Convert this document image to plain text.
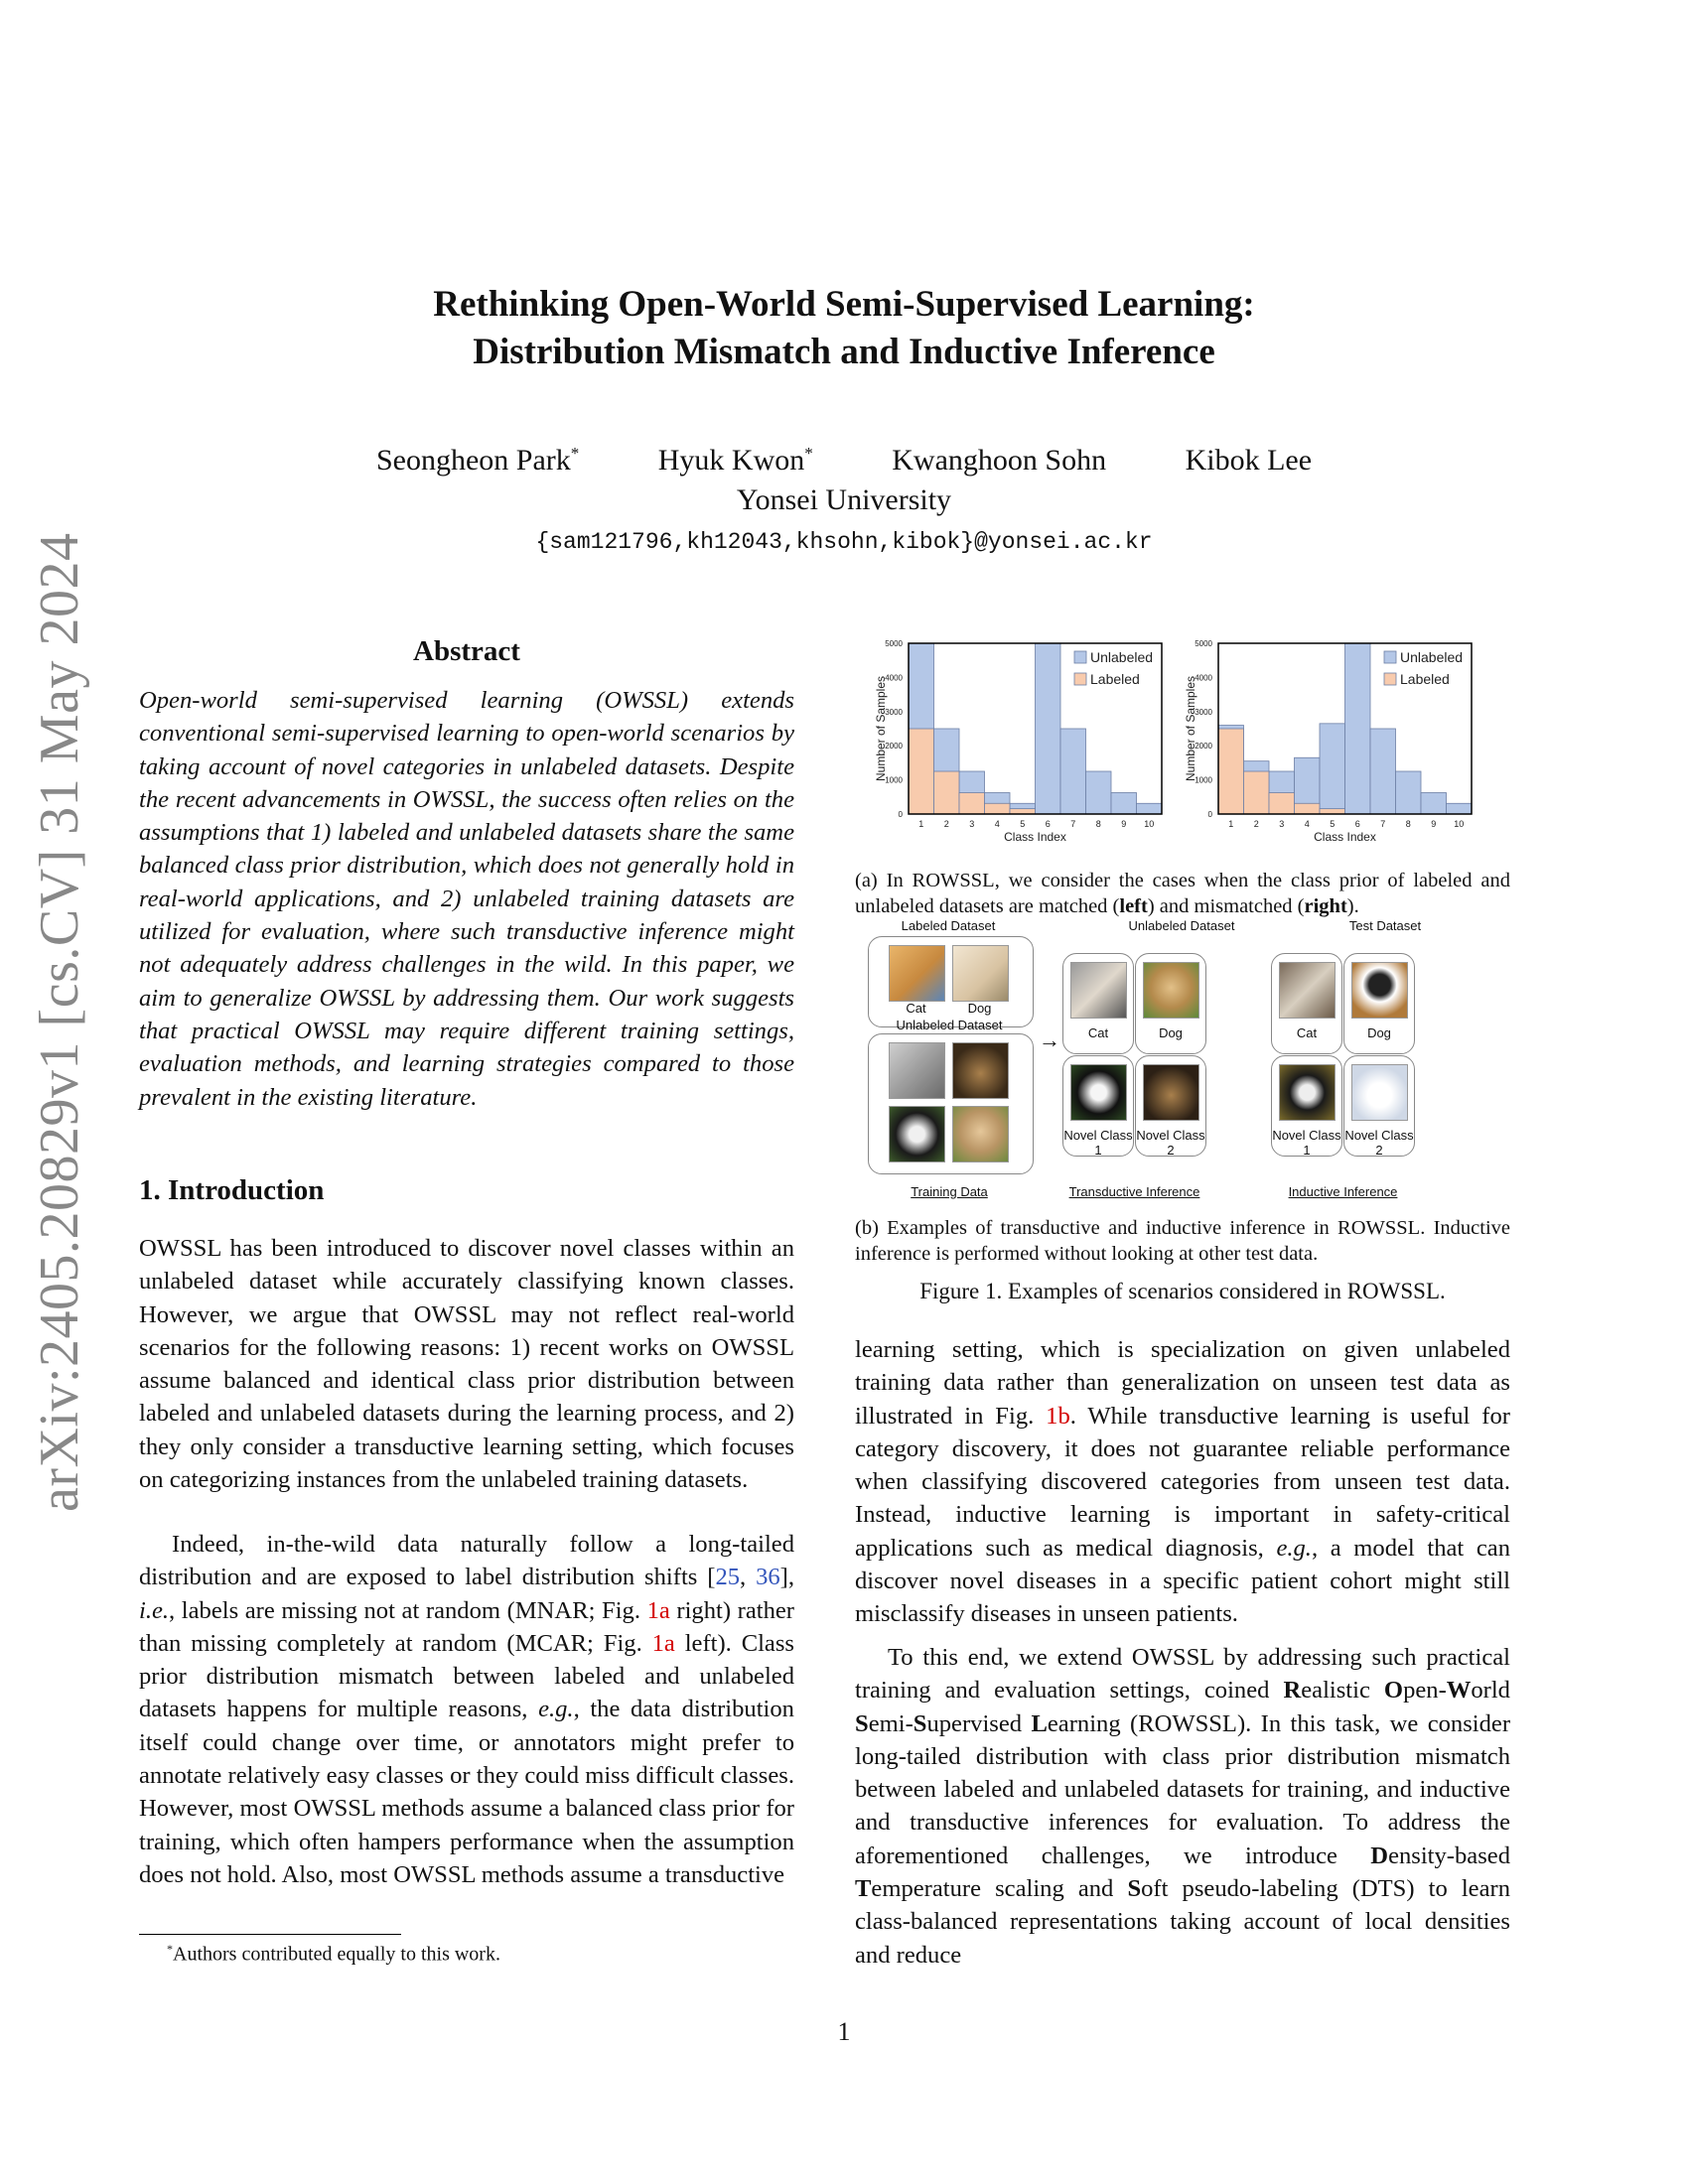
Rethinking Open-World Semi-Supervised Learning:
Distribution Mismatch and Inductive Inference
Seongheon Park*	Hyuk Kwon*	Kwanghoon Sohn	Kibok Lee
Yonsei University
{sam121796,kh12043,khsohn,kibok}@yonsei.ac.kr
arXiv:2405.20829v1 [cs.CV] 31 May 2024	Abstract
Open-world semi-supervised learning (OWSSL) extends conventional semi-supervised learning to open-world scenarios by taking account of novel categories in unlabeled datasets. Despite the recent advancements in OWSSL, the success often relies on the assumptions that 1) labeled and unlabeled datasets share the same balanced class prior distribution, which does not generally hold in real-world applications, and 2) unlabeled training datasets are utilized for evaluation, where such transductive inference might not adequately address challenges in the wild. In this paper, we aim to generalize OWSSL by addressing them. Our work suggests that practical OWSSL may require different training settings, evaluation methods, and learning strategies compared to those prevalent in the existing literature.
1. Introduction

OWSSL has been introduced to discover novel classes within an unlabeled dataset while accurately classifying known classes. However, we argue that OWSSL may not reflect real-world scenarios for the following reasons: 1) recent works on OWSSL assume balanced and identical class prior distribution between labeled and unlabeled datasets during the learning process, and 2) they only consider a transductive learning setting, which focuses on categorizing instances from the unlabeled training datasets.

Indeed, in-the-wild data naturally follow a long-tailed distribution and are exposed to label distribution shifts [25, 36], i.e., labels are missing not at random (MNAR; Fig. 1a right) rather than missing completely at random (MCAR; Fig. 1a left). Class prior distribution mismatch between labeled and unlabeled datasets happens for multiple reasons, e.g., the data distribution itself could change over time, or annotators might prefer to annotate relatively easy classes or they could miss difficult classes. However, most OWSSL methods assume a balanced class prior for training, which often hampers performance when the assumption does not hold. Also, most OWSSL methods assume a transductive

*Authors contributed equally to this work.

learning setting, which is specialization on given unlabeled training data rather than generalization on unseen test data as illustrated in Fig. 1b. While transductive learning is useful for category discovery, it does not guarantee reliable performance when classifying discovered categories from unseen test data. Instead, inductive learning is important in safety-critical applications such as medical diagnosis, e.g., a model that can discover novel diseases in a specific patient cohort might still misclassify diseases in unseen patients.

To this end, we extend OWSSL by addressing such practical training and evaluation settings, coined Realistic Open-World Semi-Supervised Learning (ROWSSL). In this task, we consider long-tailed distribution with class prior distribution mismatch between labeled and unlabeled datasets for training, and inductive and transductive inferences for evaluation. To address the aforementioned challenges, we introduce Density-based Temperature scaling and Soft pseudo-labeling (DTS) to learn class-balanced representations taking account of local densities and reduce

0
1000
2000
3000
4000
5000
1 2 3 4 5 6 7 8 9 10
Class Index
Number of Samples
Unlabeled
Labeled
0
1000
2000
3000
4000
5000
1 2 3 4 5 6 7 8 9 10
Class Index
Number of Samples
Unlabeled
Labeled
(a) In ROWSSL, we consider the cases when the class prior of labeled and unlabeled datasets are matched (left) and mismatched (right).
Labeled Dataset	Unlabeled Dataset	Test Dataset
Cat	Dog
Unlabeled Dataset
→	Cat	Dog
Novel Class 1
Novel Class 2
Cat	Dog
Novel Class 1
Novel Class 2
Training Data	Transductive Inference	Inductive Inference
(b) Examples of transductive and inductive inference in ROWSSL. Inductive inference is performed without looking at other test data.
Figure 1. Examples of scenarios considered in ROWSSL.
1
